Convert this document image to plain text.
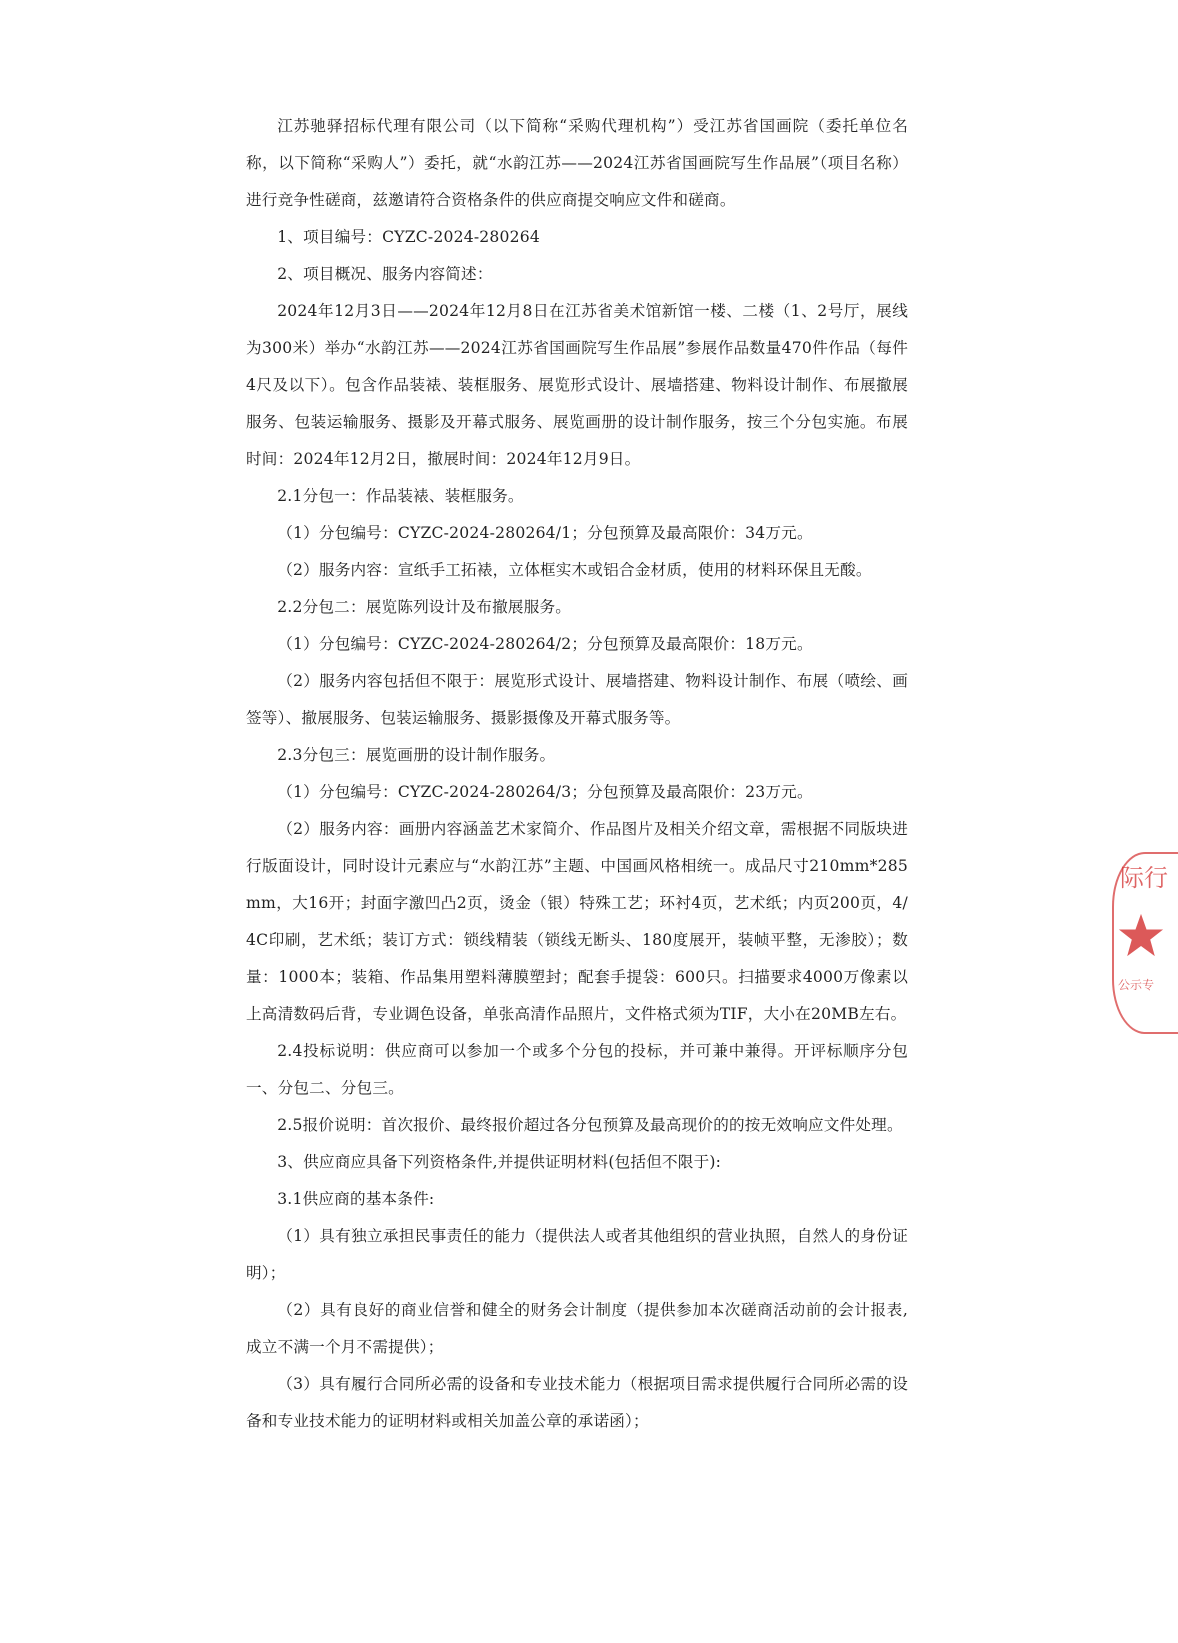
江苏驰驿招标代理有限公司（以下简称“采购代理机构”）受江苏省国画院（委托单位名称，以下简称“采购人”）委托，就“水韵江苏——2024江苏省国画院写生作品展”（项目名称）进行竞争性磋商，兹邀请符合资格条件的供应商提交响应文件和磋商。

1、项目编号：CYZC-2024-280264

2、项目概况、服务内容简述：

2024年12月3日——2024年12月8日在江苏省美术馆新馆一楼、二楼（1、2号厅，展线为300米）举办“水韵江苏——2024江苏省国画院写生作品展”参展作品数量470件作品（每件4尺及以下）。包含作品装裱、装框服务、展览形式设计、展墙搭建、物料设计制作、布展撤展服务、包装运输服务、摄影及开幕式服务、展览画册的设计制作服务，按三个分包实施。布展时间：2024年12月2日，撤展时间：2024年12月9日。

2.1分包一：作品装裱、装框服务。

（1）分包编号：CYZC-2024-280264/1；分包预算及最高限价：34万元。

（2）服务内容：宣纸手工拓裱，立体框实木或铝合金材质，使用的材料环保且无酸。

2.2分包二：展览陈列设计及布撤展服务。

（1）分包编号：CYZC-2024-280264/2；分包预算及最高限价：18万元。

（2）服务内容包括但不限于：展览形式设计、展墙搭建、物料设计制作、布展（喷绘、画签等）、撤展服务、包装运输服务、摄影摄像及开幕式服务等。

2.3分包三：展览画册的设计制作服务。

（1）分包编号：CYZC-2024-280264/3；分包预算及最高限价：23万元。

（2）服务内容：画册内容涵盖艺术家简介、作品图片及相关介绍文章，需根据不同版块进行版面设计，同时设计元素应与“水韵江苏”主题、中国画风格相统一。成品尺寸210mm*285mm，大16开；封面字激凹凸2页，烫金（银）特殊工艺；环衬4页，艺术纸；内页200页，4/4C印刷，艺术纸；装订方式：锁线精装（锁线无断头、180度展开，装帧平整，无渗胶）；数量：1000本；装箱、作品集用塑料薄膜塑封；配套手提袋：600只。扫描要求4000万像素以上高清数码后背，专业调色设备，单张高清作品照片，文件格式须为TIF，大小在20MB左右。

2.4投标说明：供应商可以参加一个或多个分包的投标，并可兼中兼得。开评标顺序分包一、分包二、分包三。

2.5报价说明：首次报价、最终报价超过各分包预算及最高现价的的按无效响应文件处理。

3、供应商应具备下列资格条件,并提供证明材料(包括但不限于):

3.1供应商的基本条件:

（1）具有独立承担民事责任的能力（提供法人或者其他组织的营业执照，自然人的身份证明）；

（2）具有良好的商业信誉和健全的财务会计制度（提供参加本次磋商活动前的会计报表,成立不满一个月不需提供）；

（3）具有履行合同所必需的设备和专业技术能力（根据项目需求提供履行合同所必需的设备和专业技术能力的证明材料或相关加盖公章的承诺函）；

际行
公示专
